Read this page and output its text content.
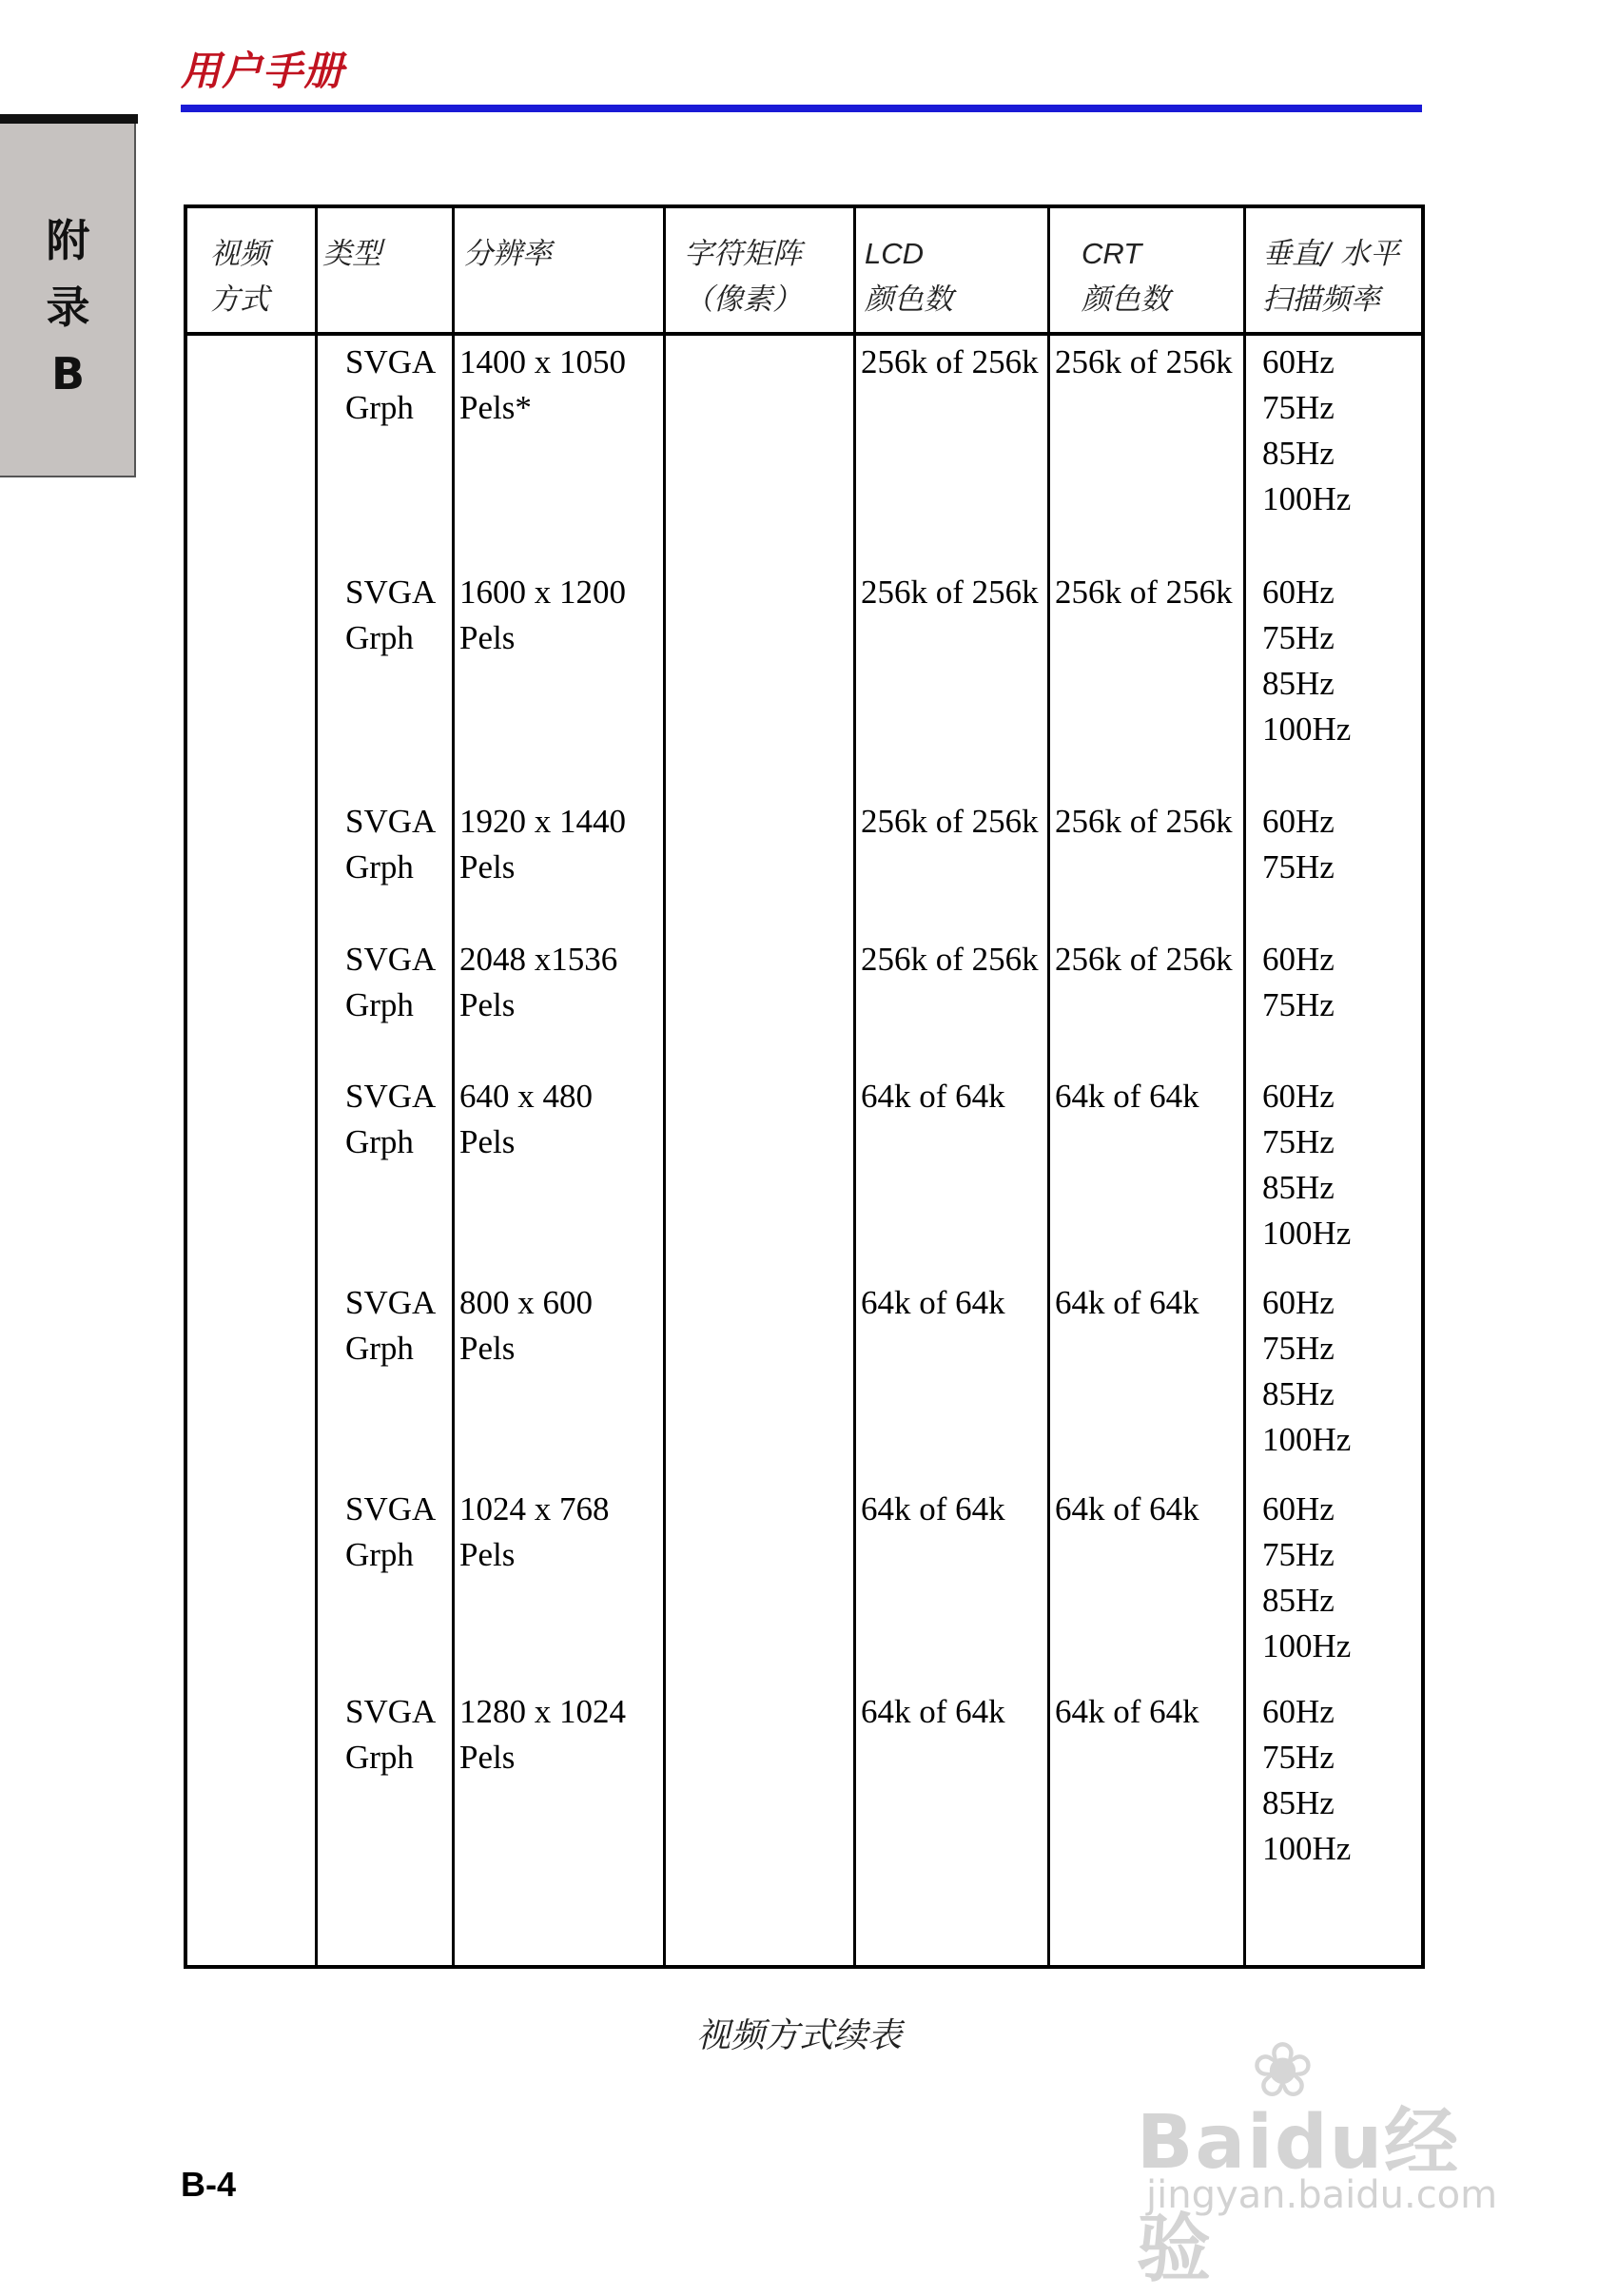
用户手册
附
录
B
视频
方式
类型	分辨率	字符矩阵
（像素）
LCD
颜色数
CRT
颜色数
垂直/ 水平
扫描频率
SVGA
Grph
1400 x 1050
Pels*
256k of 256k 256k of 256k 60Hz
75Hz
85Hz
100Hz
SVGA
Grph
1600 x 1200
Pels
256k of 256k 256k of 256k 60Hz
75Hz
85Hz
100Hz
SVGA
Grph
1920 x 1440
Pels
256k of 256k 256k of 256k 60Hz
75Hz
SVGA
Grph
2048 x1536
Pels
256k of 256k 256k of 256k 60Hz
75Hz
SVGA
Grph
640 x 480
Pels
64k of 64k 64k of 64k 60Hz
75Hz
85Hz
100Hz
SVGA
Grph
800 x 600
Pels
64k of 64k 64k of 64k 60Hz
75Hz
85Hz
100Hz
SVGA
Grph
1024 x 768
Pels
64k of 64k 64k of 64k 60Hz
75Hz
85Hz
100Hz
SVGA
Grph
1280 x 1024
Pels
64k of 64k 64k of 64k 60Hz
75Hz
85Hz
100Hz
视频方式续表
B-4
❀
Baidu经验
jingyan.baidu.com
